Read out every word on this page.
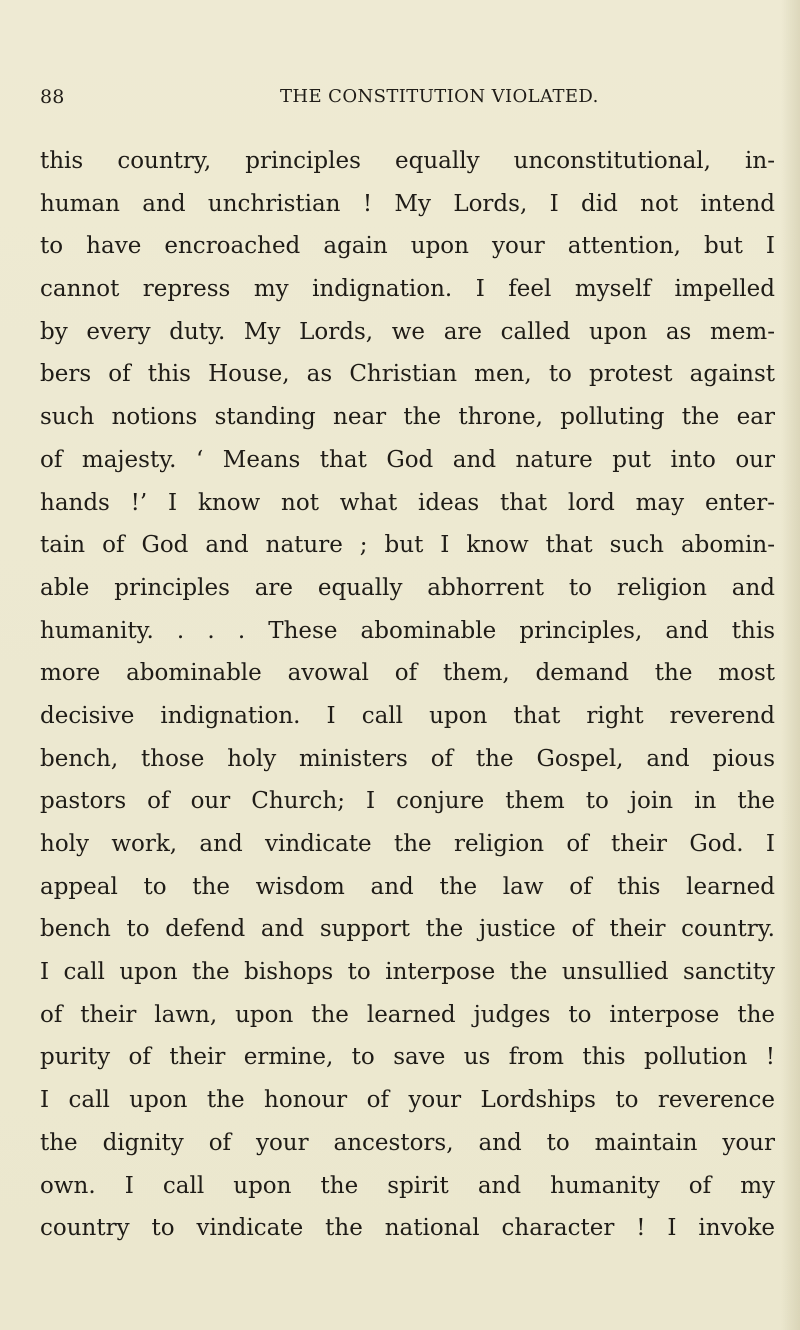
88	THE CONSTITUTION VIOLATED.
this country, principles equally unconstitutional, in-
human and unchristian ! My Lords, I did not intend
to have encroached again upon your attention, but I
cannot repress my indignation. I feel myself impelled
by every duty. My Lords, we are called upon as mem-
bers of this House, as Christian men, to protest against
such notions standing near the throne, polluting the ear
of majesty. ‘ Means that God and nature put into our
hands !’ I know not what ideas that lord may enter-
tain of God and nature ; but I know that such abomin-
able principles are equally abhorrent to religion and
humanity. . . . These abominable principles, and this
more abominable avowal of them, demand the most
decisive indignation. I call upon that right reverend
bench, those holy ministers of the Gospel, and pious
pastors of our Church; I conjure them to join in the
holy work, and vindicate the religion of their God. I
appeal to the wisdom and the law of this learned
bench to defend and support the justice of their country.
I call upon the bishops to interpose the unsullied sanctity
of their lawn, upon the learned judges to interpose the
purity of their ermine, to save us from this pollution !
I call upon the honour of your Lordships to reverence
the dignity of your ancestors, and to maintain your
own. I call upon the spirit and humanity of my
country to vindicate the national character ! I invoke
